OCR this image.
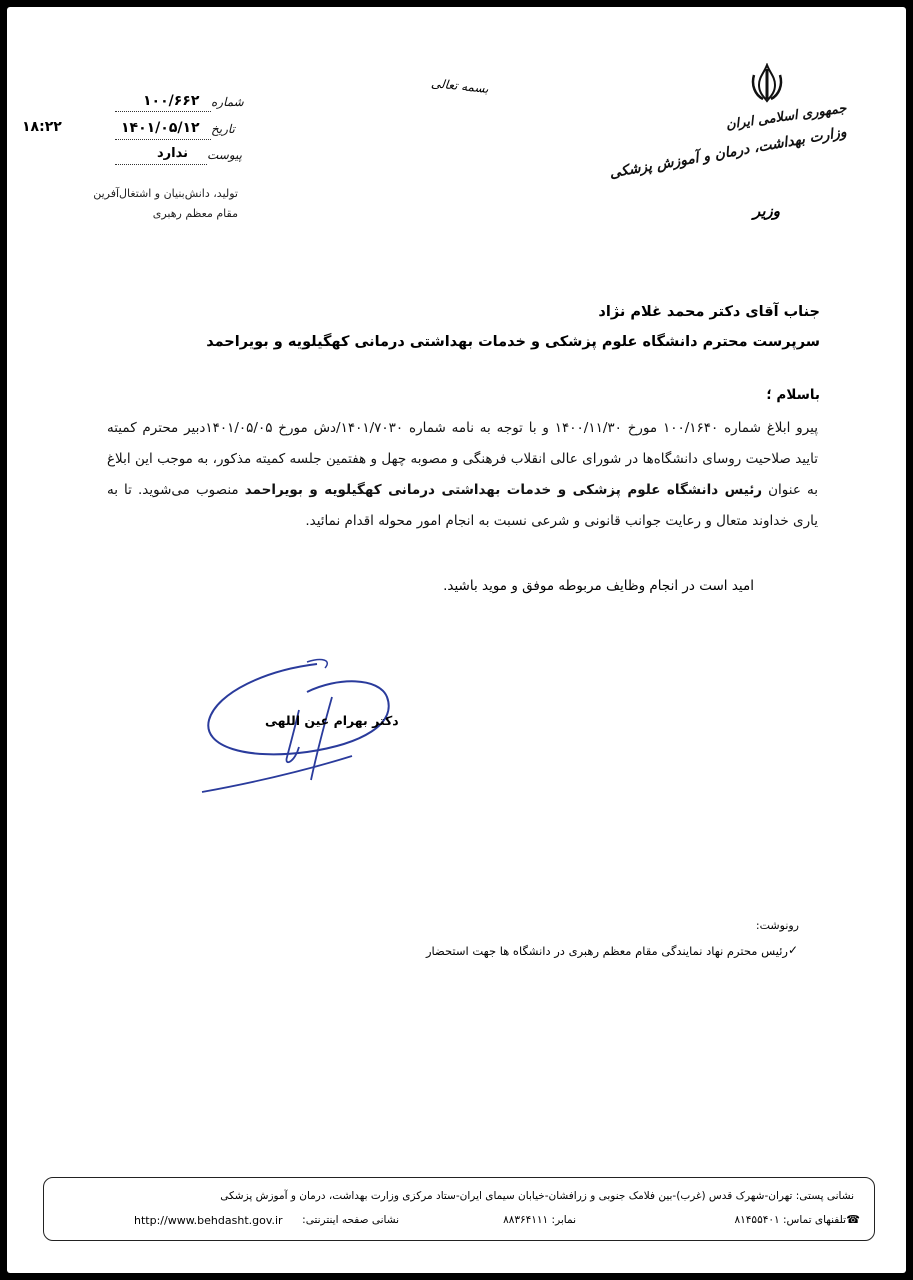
جمهوری اسلامی ایران
وزارت بهداشت، درمان و آموزش پزشکی
وزیر
بسمه تعالی
شماره
۱۰۰/۶۶۲
تاریخ
۱۴۰۱/۰۵/۱۲
پیوست
ندارد
۱۸:۲۲
تولید، دانش‌بنیان و اشتغال‌آفرین
مقام معظم رهبری
جناب آقای دکتر محمد غلام نژاد
سرپرست محترم دانشگاه علوم پزشکی و خدمات بهداشتی درمانی کهگیلویه و بویراحمد
باسلام ؛
پیرو ابلاغ شماره ۱۰۰/۱۶۴۰ مورخ ۱۴۰۰/۱۱/۳۰ و با توجه به نامه شماره ۱۴۰۱/۷۰۳۰/دش مورخ ۱۴۰۱/۰۵/۰۵دبیر محترم کمیته تایید صلاحیت روسای دانشگاه‌ها در شورای عالی انقلاب فرهنگی و مصوبه چهل و هفتمین جلسه کمیته مذکور، به موجب این ابلاغ به عنوان رئیس دانشگاه علوم پزشکی و خدمات بهداشتی درمانی کهگیلویه و بویراحمد منصوب می‌شوید. تا به یاری خداوند متعال و رعایت جوانب قانونی و شرعی نسبت به انجام امور محوله اقدام نمائید.
امید است در انجام وظایف مربوطه موفق و موید باشید.
دکتر بهرام عین اللهی
رونوشت:
✓
رئیس محترم نهاد نمایندگی مقام معظم رهبری در دانشگاه ها جهت استحضار
نشانی پستی: تهران-شهرک قدس (غرب)-بین فلامک جنوبی و زرافشان-خیابان سیمای ایران-ستاد مرکزی وزارت بهداشت، درمان و آموزش پزشکی
☎
تلفنهای تماس: ۸۱۴۵۵۴۰۱
نمابر: ۸۸۳۶۴۱۱۱
نشانی صفحه اینترنتی:
http://www.behdasht.gov.ir
